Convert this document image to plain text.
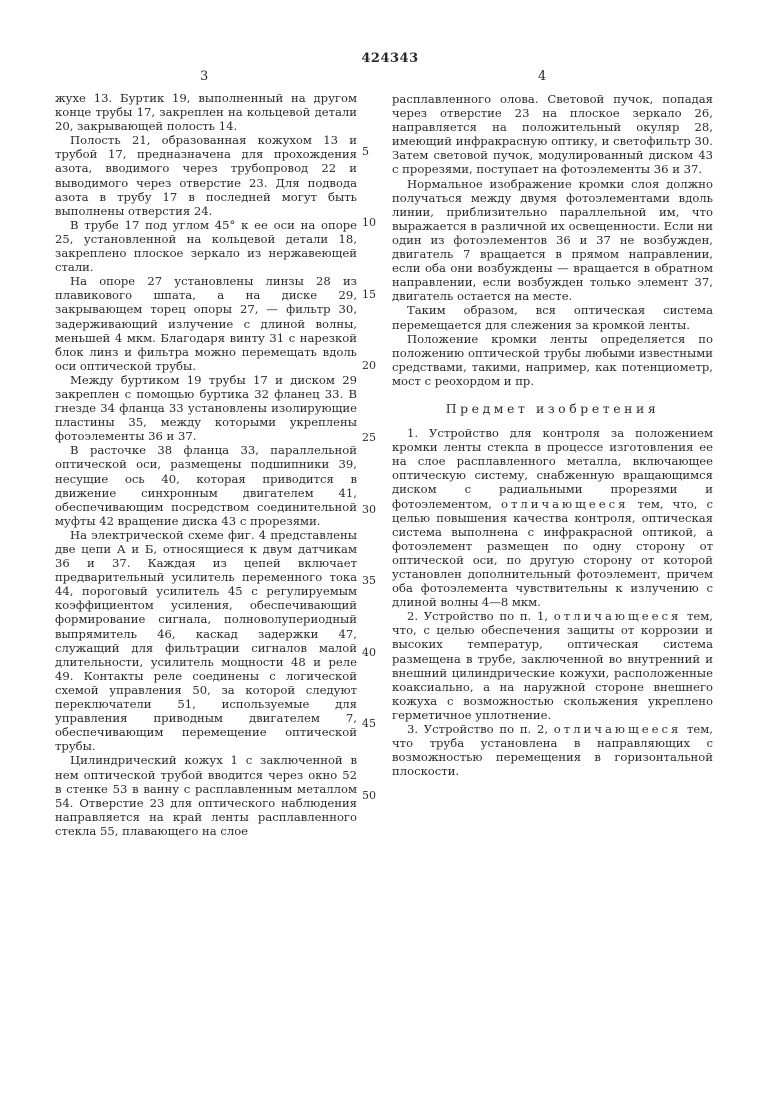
424343
3	4

жухе 13. Буртик 19, выполненный на другом конце трубы 17, закреплен на кольцевой детали 20, закрывающей полость 14.

Полость 21, образованная кожухом 13 и трубой 17, предназначена для прохождения азота, вводимого через трубопровод 22 и выводимого через отверстие 23. Для подвода азота в трубу 17 в последней могут быть выполнены отверстия 24.

В трубе 17 под углом 45° к ее оси на опоре 25, установленной на кольцевой детали 18, закреплено плоское зеркало из нержавеющей стали.

На опоре 27 установлены линзы 28 из плавикового шпата, а на диске 29, закрывающем торец опоры 27, — фильтр 30, задерживающий излучение с длиной волны, меньшей 4 мкм. Благодаря винту 31 с нарезкой блок линз и фильтра можно перемещать вдоль оси оптической трубы.

Между буртиком 19 трубы 17 и диском 29 закреплен с помощью буртика 32 фланец 33. В гнезде 34 фланца 33 установлены изолирующие пластины 35, между которыми укреплены фотоэлементы 36 и 37.

В расточке 38 фланца 33, параллельной оптической оси, размещены подшипники 39, несущие ось 40, которая приводится в движение синхронным двигателем 41, обеспечивающим посредством соединительной муфты 42 вращение диска 43 с прорезями.

На электрической схеме фиг. 4 представлены две цепи А и Б, относящиеся к двум датчикам 36 и 37. Каждая из цепей включает предварительный усилитель переменного тока 44, пороговый усилитель 45 с регулируемым коэффициентом усиления, обеспечивающий формирование сигнала, полноволупериодный выпрямитель 46, каскад задержки 47, служащий для фильтрации сигналов малой длительности, усилитель мощности 48 и реле 49. Контакты реле соединены с логической схемой управления 50, за которой следуют переключатели 51, используемые для управления приводным двигателем 7, обеспечивающим перемещение оптической трубы.

Цилиндрический кожух 1 с заключенной в нем оптической трубой вводится через окно 52 в стенке 53 в ванну с расплавленным металлом 54. Отверстие 23 для оптического наблюдения направляется на край ленты расплавленного стекла 55, плавающего на слое

5
10
15
20
25
30
35
40
45
50

расплавленного олова. Световой пучок, попадая через отверстие 23 на плоское зеркало 26, направляется на положительный окуляр 28, имеющий инфракрасную оптику, и светофильтр 30. Затем световой пучок, модулированный диском 43 с прорезями, поступает на фотоэлементы 36 и 37.

Нормальное изображение кромки слоя должно получаться между двумя фотоэлементами вдоль линии, приблизительно параллельной им, что выражается в различной их освещенности. Если ни один из фотоэлементов 36 и 37 не возбужден, двигатель 7 вращается в прямом направлении, если оба они возбуждены — вращается в обратном направлении, если возбужден только элемент 37, двигатель остается на месте.

Таким образом, вся оптическая система перемещается для слежения за кромкой ленты.

Положение кромки ленты определяется по положению оптической трубы любыми известными средствами, такими, например, как потенциометр, мост с реохордом и пр.

Предмет изобретения

1. Устройство для контроля за положением кромки ленты стекла в процессе изготовления ее на слое расплавленного металла, включающее оптическую систему, снабженную вращающимся диском с радиальными прорезями и фотоэлементом, отличающееся тем, что, с целью повышения качества контроля, оптическая система выполнена с инфракрасной оптикой, а фотоэлемент размещен по одну сторону от оптической оси, по другую сторону от которой установлен дополнительный фотоэлемент, причем оба фотоэлемента чувствительны к излучению с длиной волны 4—8 мкм.

2. Устройство по п. 1, отличающееся тем, что, с целью обеспечения защиты от коррозии и высоких температур, оптическая система размещена в трубе, заключенной во внутренний и внешний цилиндрические кожухи, расположенные коаксиально, а на наружной стороне внешнего кожуха с возможностью скольжения укреплено герметичное уплотнение.

3. Устройство по п. 2, отличающееся тем, что труба установлена в направляющих с возможностью перемещения в горизонтальной плоскости.
